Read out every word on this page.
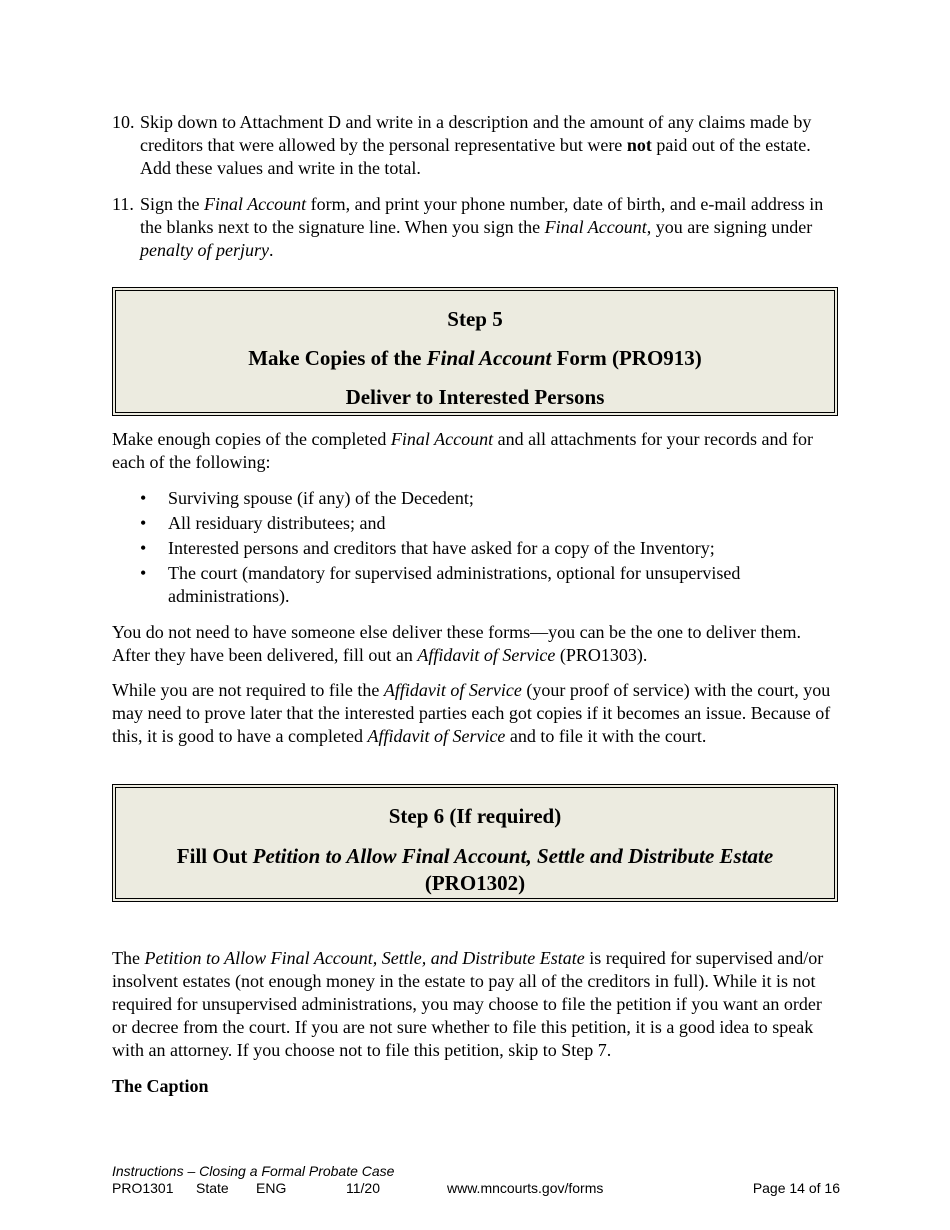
10. Skip down to Attachment D and write in a description and the amount of any claims made by creditors that were allowed by the personal representative but were not paid out of the estate. Add these values and write in the total.

11. Sign the Final Account form, and print your phone number, date of birth, and e-mail address in the blanks next to the signature line. When you sign the Final Account, you are signing under penalty of perjury.

Step 5
Make Copies of the Final Account Form (PRO913)
Deliver to Interested Persons

Make enough copies of the completed Final Account and all attachments for your records and for each of the following:

• Surviving spouse (if any) of the Decedent;
• All residuary distributees; and
• Interested persons and creditors that have asked for a copy of the Inventory;
• The court (mandatory for supervised administrations, optional for unsupervised administrations).

You do not need to have someone else deliver these forms—you can be the one to deliver them. After they have been delivered, fill out an Affidavit of Service (PRO1303).

While you are not required to file the Affidavit of Service (your proof of service) with the court, you may need to prove later that the interested parties each got copies if it becomes an issue. Because of this, it is good to have a completed Affidavit of Service and to file it with the court.

Step 6 (If required)
Fill Out Petition to Allow Final Account, Settle and Distribute Estate
(PRO1302)

The Petition to Allow Final Account, Settle, and Distribute Estate is required for supervised and/or insolvent estates (not enough money in the estate to pay all of the creditors in full). While it is not required for unsupervised administrations, you may choose to file the petition if you want an order or decree from the court. If you are not sure whether to file this petition, it is a good idea to speak with an attorney. If you choose not to file this petition, skip to Step 7.

The Caption
Instructions – Closing a Formal Probate Case
PRO1301 State ENG	11/20	www.mncourts.gov/forms	Page 14 of 16
